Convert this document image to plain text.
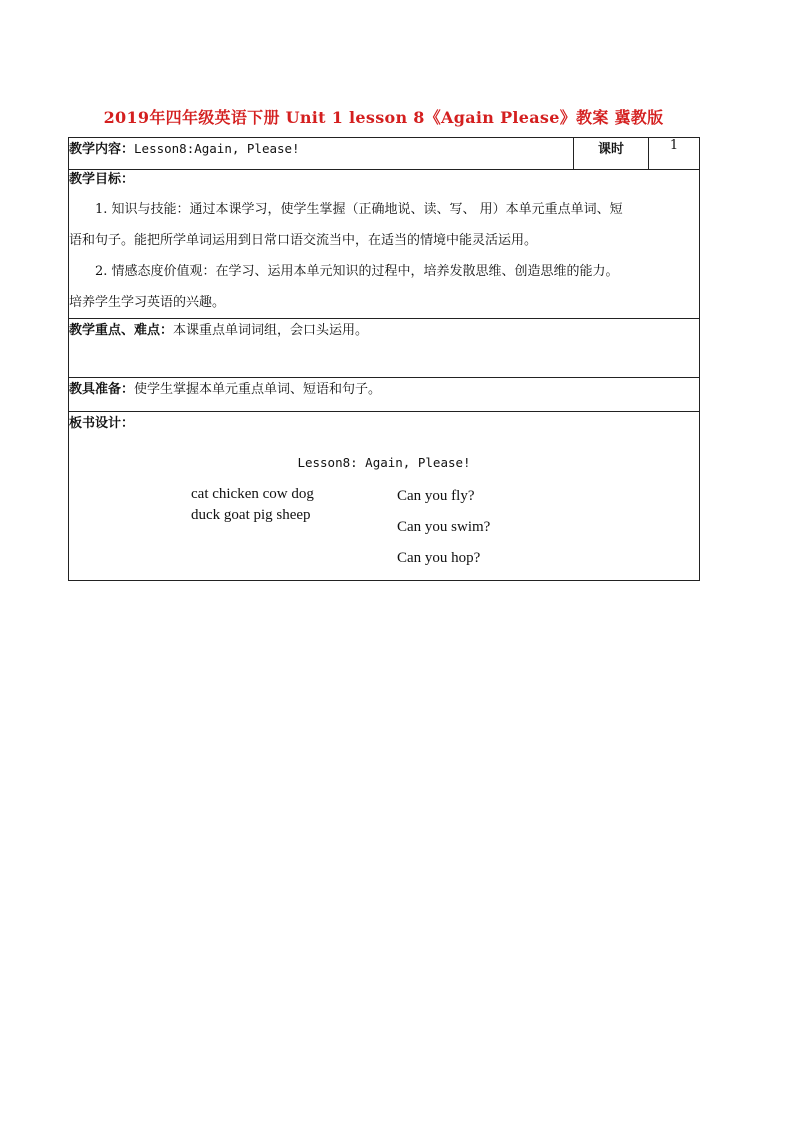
2019年四年级英语下册 Unit 1 lesson 8《Again Please》教案 冀教版
教学内容：Lesson8:Again, Please!	课时	1

教学目标：

1. 知识与技能：通过本课学习，使学生掌握（正确地说、读、写、 用）本单元重点单词、短

语和句子。能把所学单词运用到日常口语交流当中，在适当的情境中能灵活运用。

2. 情感态度价值观：在学习、运用本单元知识的过程中，培养发散思维、创造思维的能力。

培养学生学习英语的兴趣。

教学重点、难点：本课重点单词词组，会口头运用。
教具准备：使学生掌握本单元重点单词、短语和句子。
板书设计：
Lesson8: Again, Please!
cat chicken cow dog
duck goat pig sheep
Can you fly?
Can you swim?
Can you hop?
